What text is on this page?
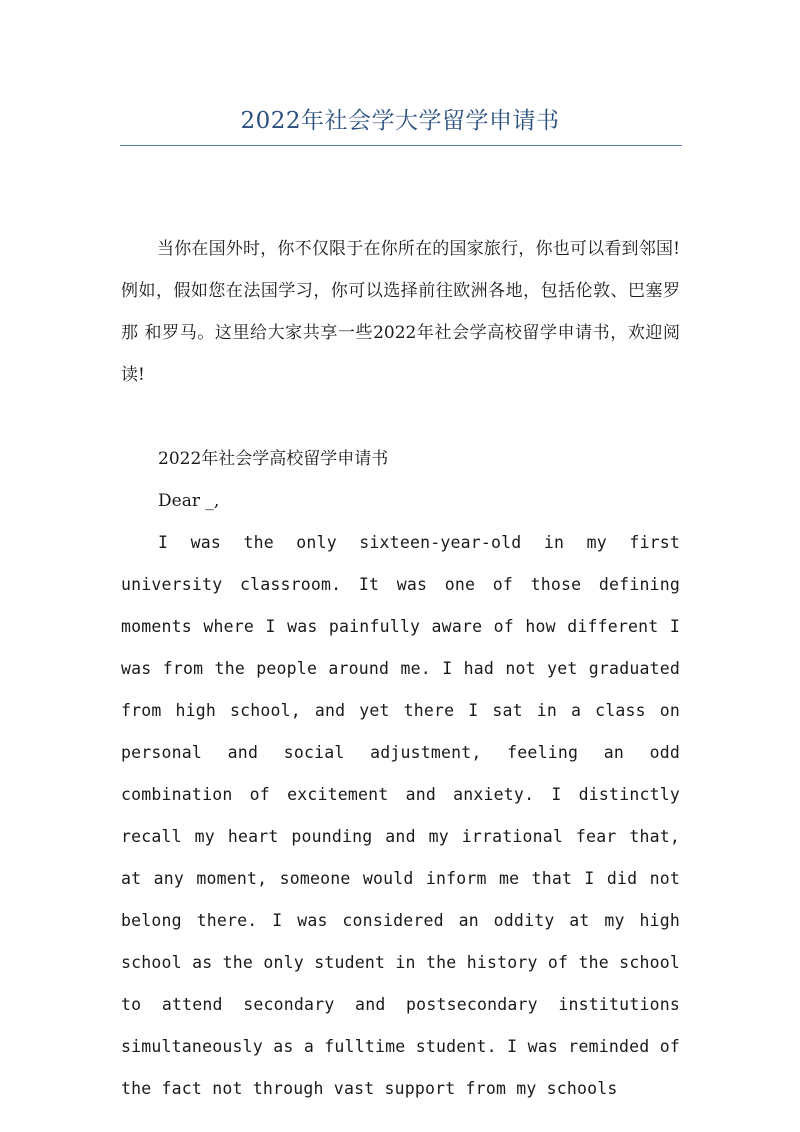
2022年社会学大学留学申请书

当你在国外时，你不仅限于在你所在的国家旅行，你也可以看到邻国!例如，假如您在法国学习，你可以选择前往欧洲各地，包括伦敦、巴塞罗那 和罗马。这里给大家共享一些2022年社会学高校留学申请书，欢迎阅读!

2022年社会学高校留学申请书

Dear _,

I was the only sixteen-year-old in my first university classroom. It was one of those defining moments where I was painfully aware of how different I was from the people around me. I had not yet graduated from high school, and yet there I sat in a class on personal and social adjustment, feeling an odd combination of excitement and anxiety. I distinctly recall my heart pounding and my irrational fear that, at any moment, someone would inform me that I did not belong there. I was considered an oddity at my high school as the only student in the history of the school to attend secondary and postsecondary institutions simultaneously as a fulltime student. I was reminded of the fact not through vast support from my schools
